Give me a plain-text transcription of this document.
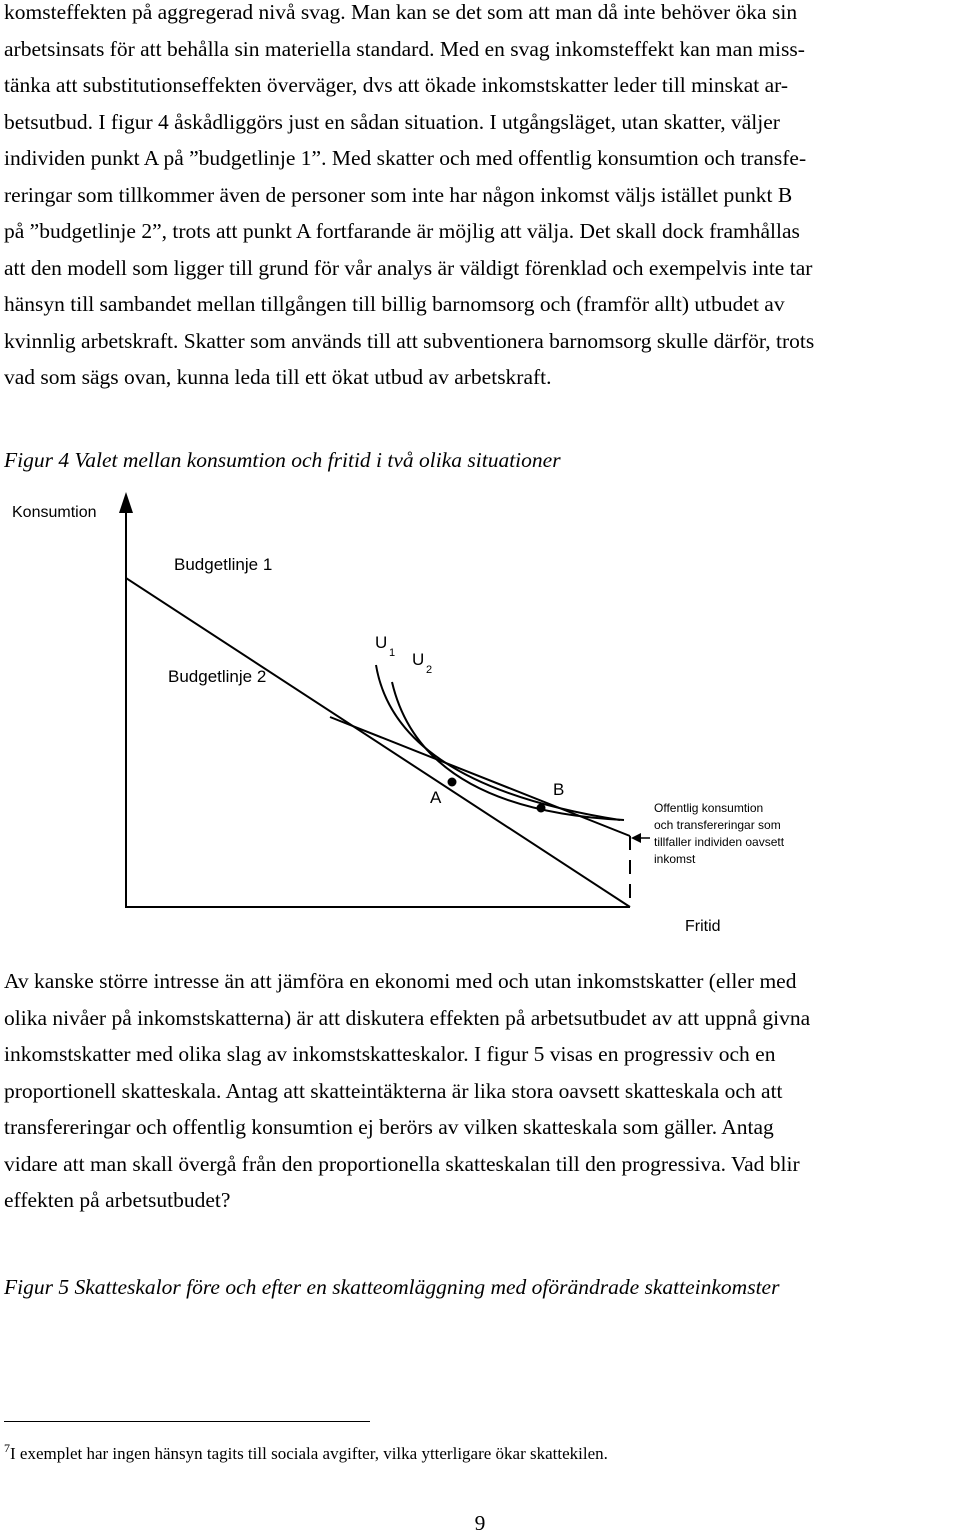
komsteffekten på aggregerad nivå svag. Man kan se det som att man då inte behöver öka sin
arbetsinsats för att behålla sin materiella standard. Med en svag inkomsteffekt kan man miss-
tänka att substitutionseffekten överväger, dvs att ökade inkomstskatter leder till minskat ar-
betsutbud. I figur 4 åskådliggörs just en sådan situation. I utgångsläget, utan skatter, väljer
individen punkt A på ”budgetlinje 1”. Med skatter och med offentlig konsumtion och transfe-
reringar som tillkommer även de personer som inte har någon inkomst väljs istället punkt B
på ”budgetlinje 2”, trots att punkt A fortfarande är möjlig att välja. Det skall dock framhållas
att den modell som ligger till grund för vår analys är väldigt förenklad och exempelvis inte tar
hänsyn till sambandet mellan tillgången till billig barnomsorg och (framför allt) utbudet av
kvinnlig arbetskraft. Skatter som används till att subventionera barnomsorg skulle därför, trots
vad som sägs ovan, kunna leda till ett ökat utbud av arbetskraft.

Figur 4 Valet mellan konsumtion och fritid i två olika situationer

Konsumtion
Budgetlinje 1
Budgetlinje 2
U
1 U
2
A	B
Offentlig konsumtion
och transfereringar som
tillfaller individen oavsett
inkomst
Fritid
Av kanske större intresse än att jämföra en ekonomi med och utan inkomstskatter (eller med
olika nivåer på inkomstskatterna) är att diskutera effekten på arbetsutbudet av att uppnå givna
inkomstskatter med olika slag av inkomstskatteskalor. I figur 5 visas en progressiv och en
proportionell skatteskala. Antag att skatteintäkterna är lika stora oavsett skatteskala och att
transfereringar och offentlig konsumtion ej berörs av vilken skatteskala som gäller. Antag
vidare att man skall övergå från den proportionella skatteskalan till den progressiva. Vad blir
effekten på arbetsutbudet?

Figur 5 Skatteskalor före och efter en skatteomläggning med oförändrade skatteinkomster

$^7$I exemplet har ingen hänsyn tagits till sociala avgifter, vilka ytterligare ökar skattekilen.

9
